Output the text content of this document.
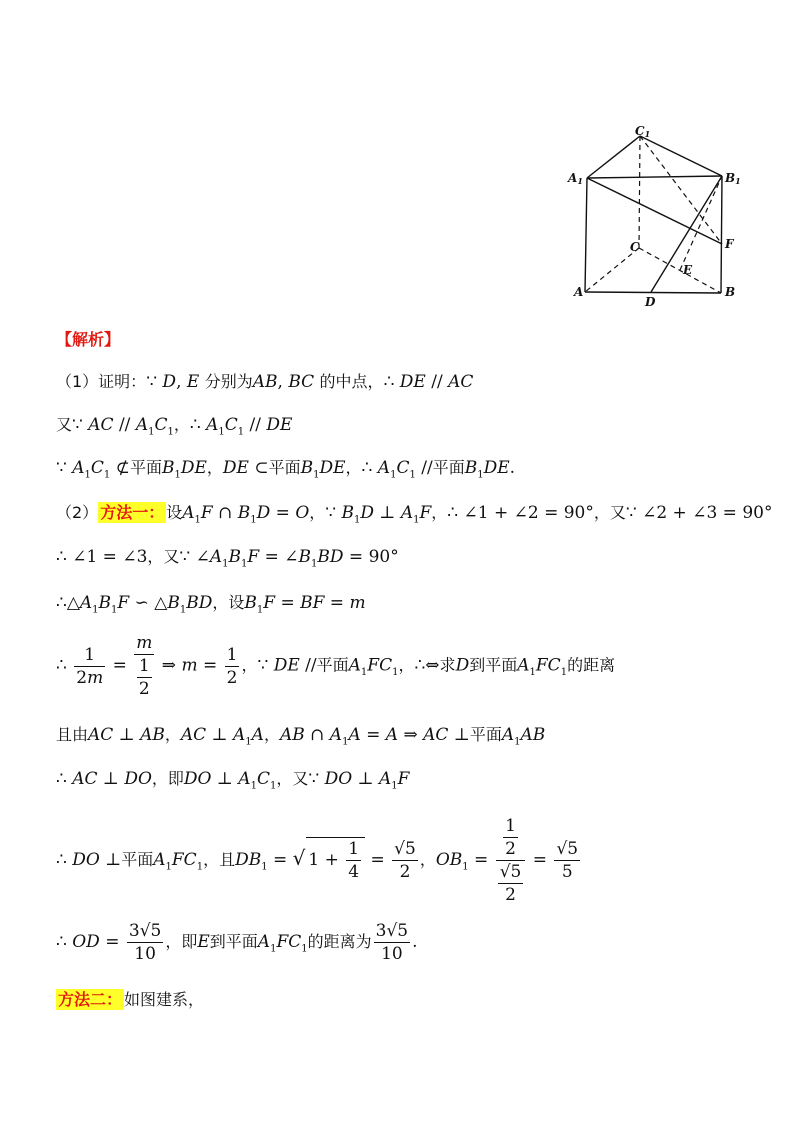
C1
A1	B1
C	F
E
A	B
D
【解析】
（1）证明：∵ D, E 分别为AB, BC 的中点，∴ DE // AC
又∵ AC // $A_1C_1$，∴ $A_1C_1$ // DE
∵ $A_1C_1$ ⊄平面$B_1DE$，DE ⊂平面$B_1DE$，∴ $A_1C_1$ //平面$B_1DE$.
（2） 方法一： 设$A_1F$ ∩ $B_1D = O$，∵ $B_1D$ ⊥ $A_1F$，∴ ∠1 + ∠2 = 90°，又∵ ∠2 + ∠3 = 90°
∴ ∠1 = ∠3，又∵ $\angle A_1B_1F$ = $\angle B_1BD = 90^\circ$
$\therefore\triangle A_1B_1F$ ∽ $\triangle B_1BD$，设$B_1F$ = BF = m
∴ $\frac{1}{2m} = \frac{m}{\frac{1}{2}}$ ⇒ $m = \frac{1}{2}$ ，∵ DE //平面$A_1FC_1$，∴⇔求D到平面$A_1FC_1$的距离
且由AC ⊥ AB，AC ⊥ $A_1A$，AB ∩ $A_1A = A$ ⇒ AC ⊥平面$A_1AB$
∴ AC ⊥ DO，即DO ⊥ $A_1C_1$，又∵ DO ⊥ $A_1F$
∴ DO ⊥平面$A_1FC_1$，且$DB_1$ = √ $1 + \frac{1}{4} = \frac{√5}{2}$ ，$OB_1 = \frac{\frac{1}{2}}{\frac{√5}{2}} = \frac{√5}{5}$
∴ OD = $\frac{3√5}{10}$ ，即E到平面$A_1FC_1$的距离为 $\frac{3√5}{10}$ .
方法二： 如图建系，
